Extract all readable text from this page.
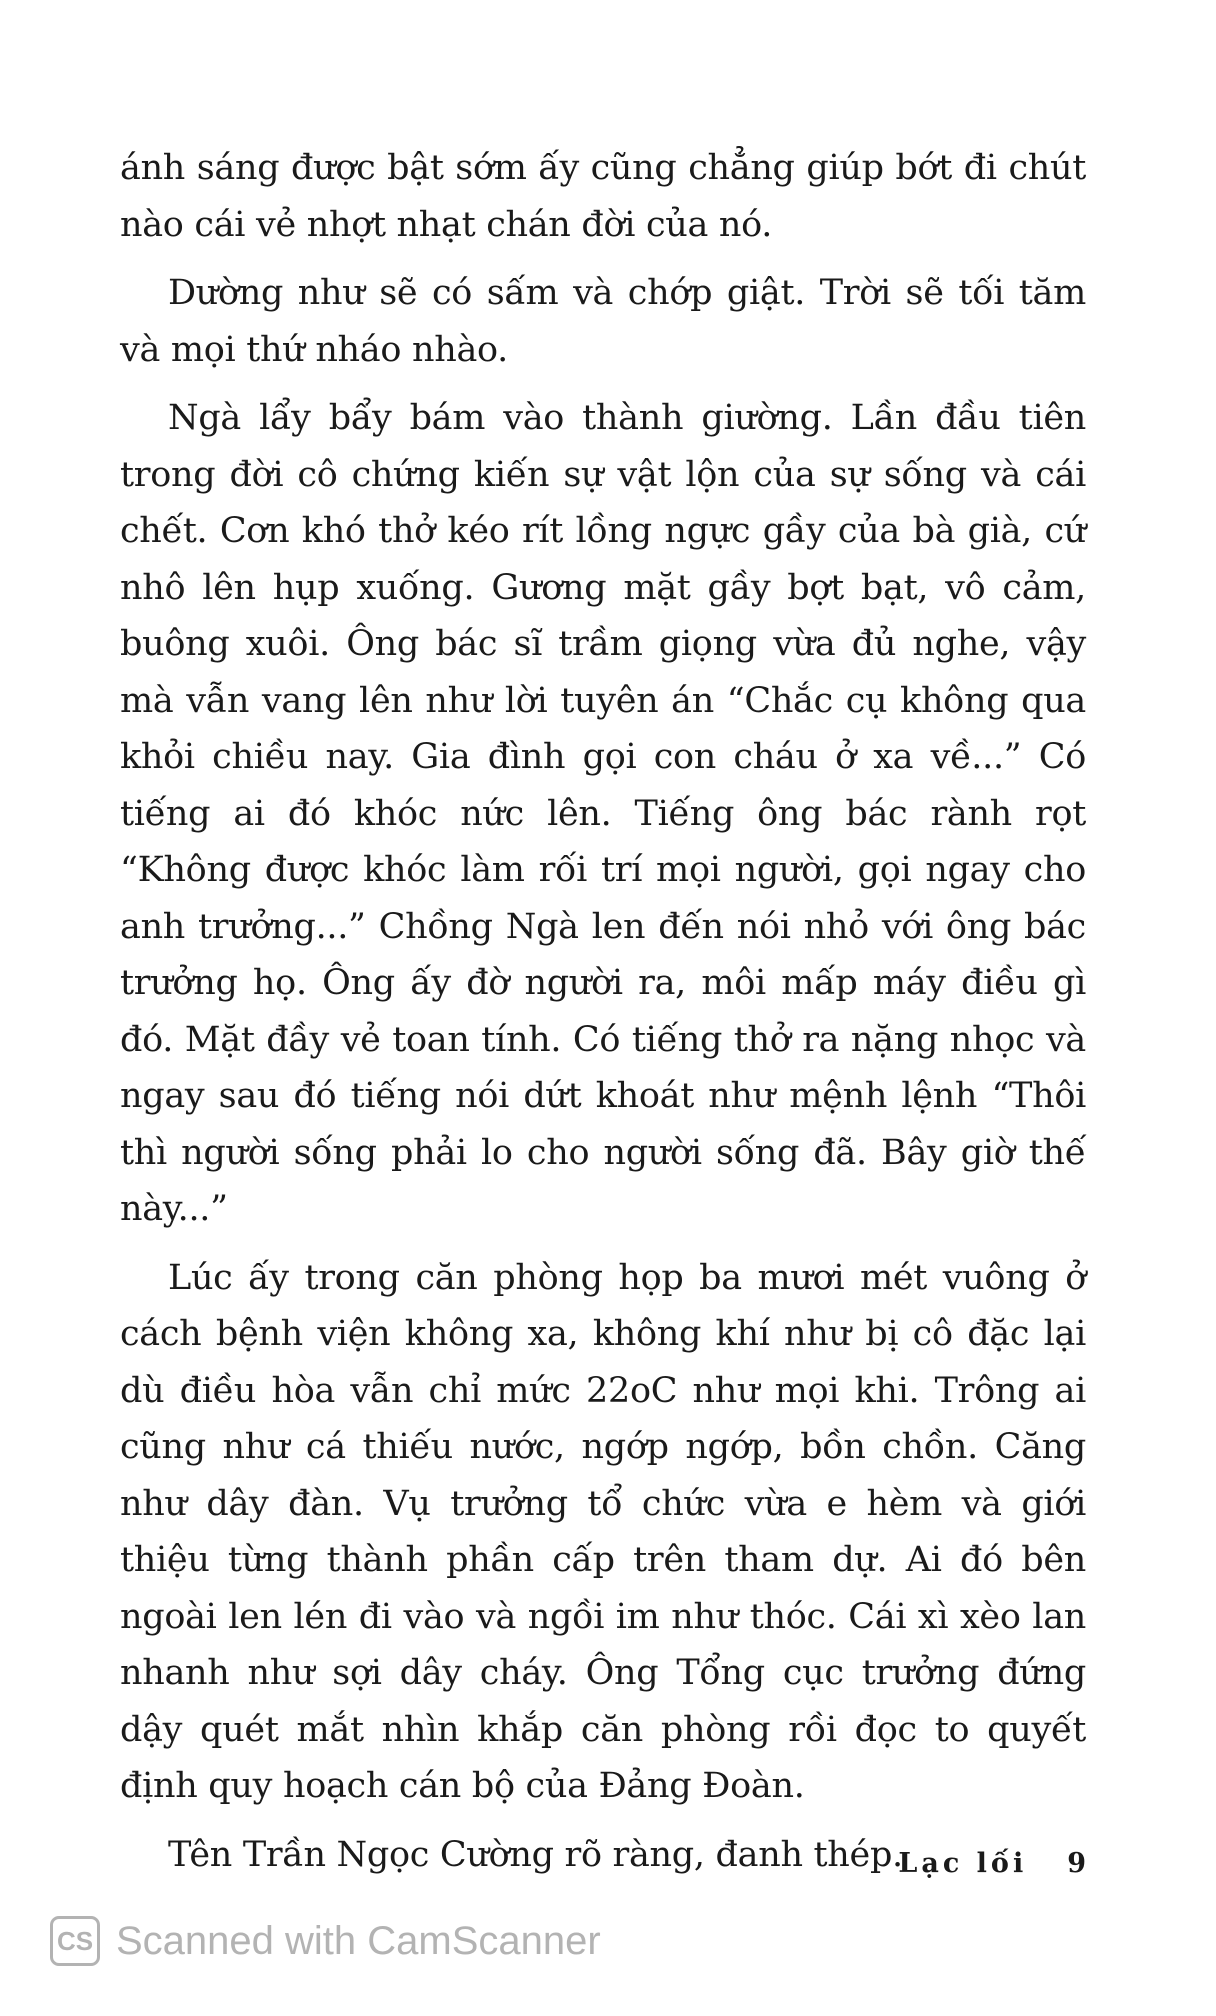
ánh sáng được bật sớm ấy cũng chẳng giúp bớt đi chút nào cái vẻ nhợt nhạt chán đời của nó.

Dường như sẽ có sấm và chớp giật. Trời sẽ tối tăm và mọi thứ nháo nhào.

Ngà lẩy bẩy bám vào thành giường. Lần đầu tiên trong đời cô chứng kiến sự vật lộn của sự sống và cái chết. Cơn khó thở kéo rít lồng ngực gầy của bà già, cứ nhô lên hụp xuống. Gương mặt gầy bợt bạt, vô cảm, buông xuôi. Ông bác sĩ trầm giọng vừa đủ nghe, vậy mà vẫn vang lên như lời tuyên án “Chắc cụ không qua khỏi chiều nay. Gia đình gọi con cháu ở xa về...” Có tiếng ai đó khóc nức lên. Tiếng ông bác rành rọt “Không được khóc làm rối trí mọi người, gọi ngay cho anh trưởng...” Chồng Ngà len đến nói nhỏ với ông bác trưởng họ. Ông ấy đờ người ra, môi mấp máy điều gì đó. Mặt đầy vẻ toan tính. Có tiếng thở ra nặng nhọc và ngay sau đó tiếng nói dứt khoát như mệnh lệnh “Thôi thì người sống phải lo cho người sống đã. Bây giờ thế này...”

Lúc ấy trong căn phòng họp ba mươi mét vuông ở cách bệnh viện không xa, không khí như bị cô đặc lại dù điều hòa vẫn chỉ mức 22oC như mọi khi. Trông ai cũng như cá thiếu nước, ngớp ngớp, bồn chồn. Căng như dây đàn. Vụ trưởng tổ chức vừa e hèm và giới thiệu từng thành phần cấp trên tham dự. Ai đó bên ngoài len lén đi vào và ngồi im như thóc. Cái xì xèo lan nhanh như sợi dây cháy. Ông Tổng cục trưởng đứng dậy quét mắt nhìn khắp căn phòng rồi đọc to quyết định quy hoạch cán bộ của Đảng Đoàn.

Tên Trần Ngọc Cường rõ ràng, đanh thép.

Lạc lối 9
CS Scanned with CamScanner
